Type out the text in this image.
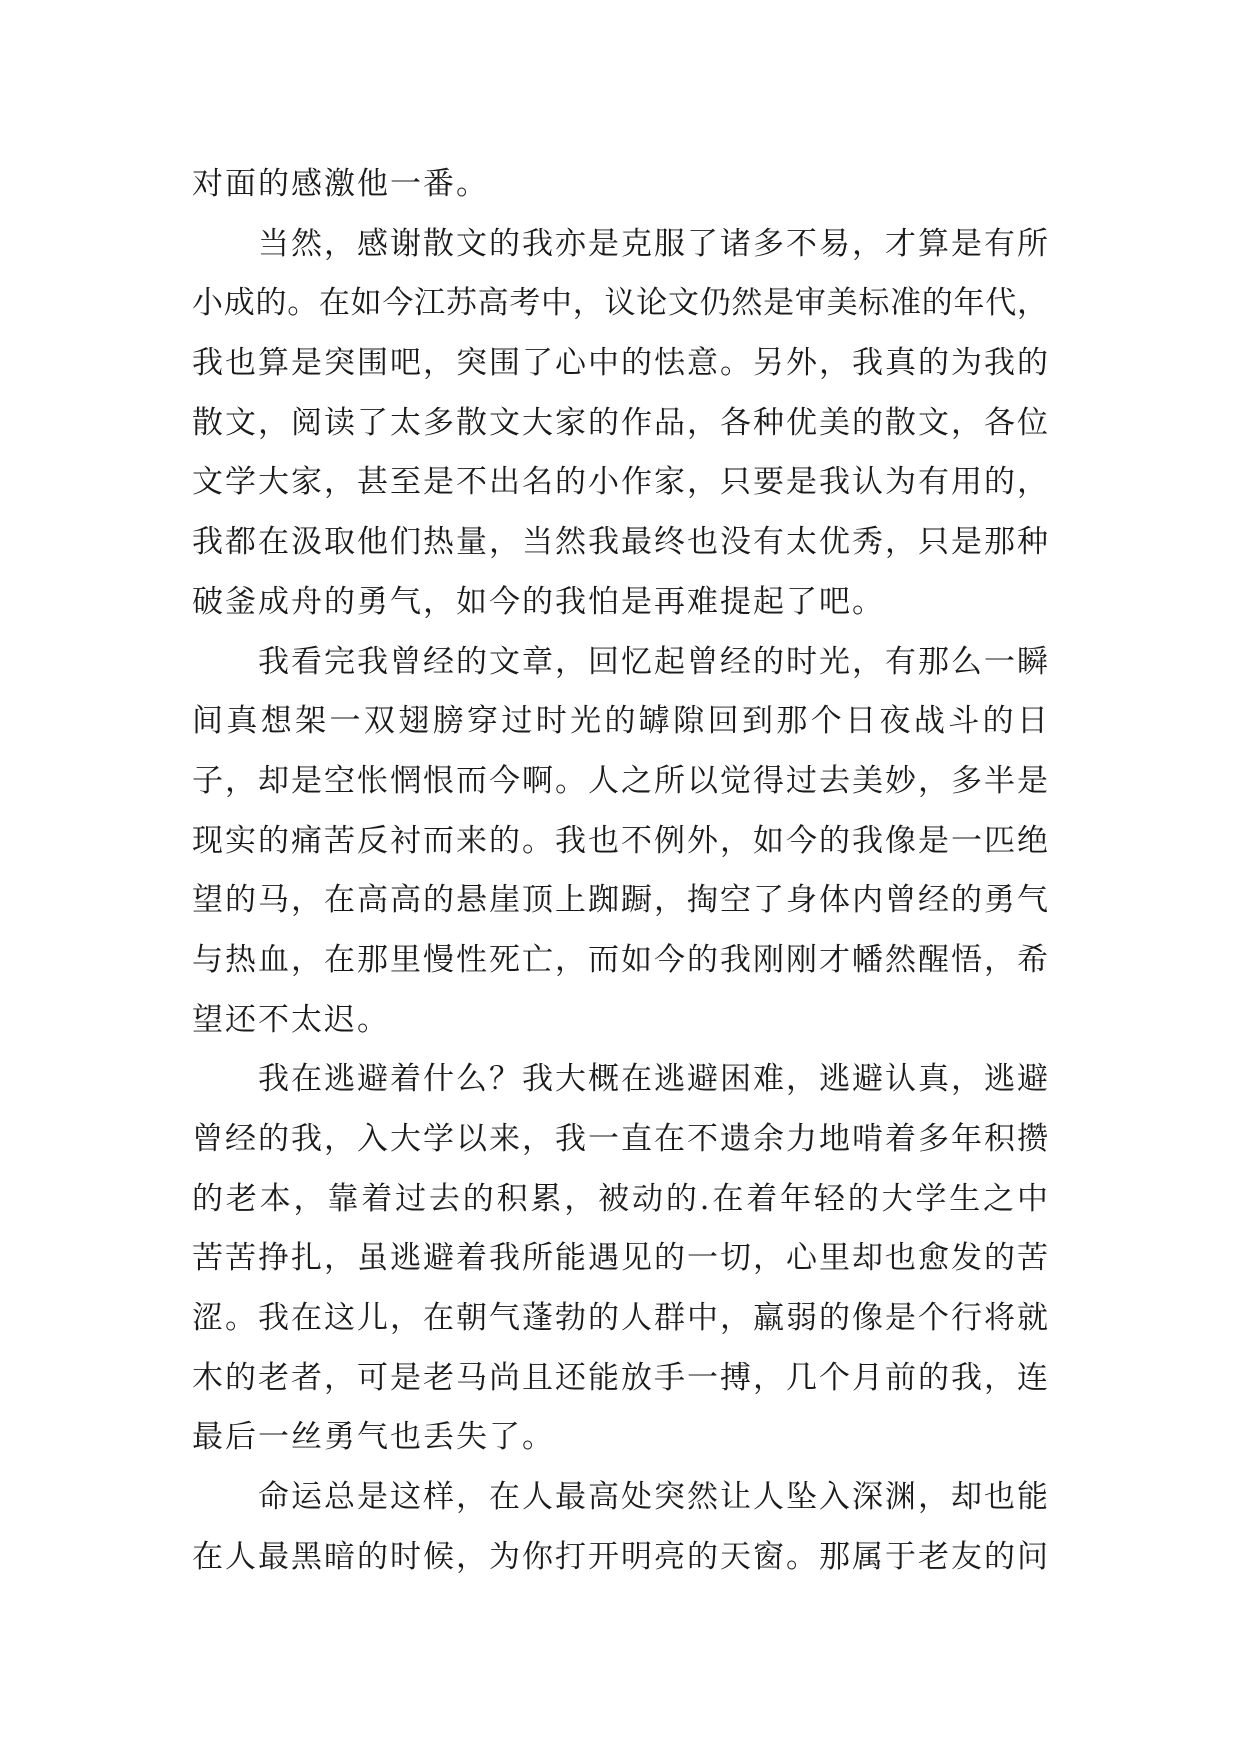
对面的感激他一番。
当然，感谢散文的我亦是克服了诸多不易，才算是有所
小成的。在如今江苏高考中，议论文仍然是审美标准的年代，
我也算是突围吧，突围了心中的怯意。另外，我真的为我的
散文，阅读了太多散文大家的作品，各种优美的散文，各位
文学大家，甚至是不出名的小作家，只要是我认为有用的，
我都在汲取他们热量，当然我最终也没有太优秀，只是那种
破釜成舟的勇气，如今的我怕是再难提起了吧。
我看完我曾经的文章，回忆起曾经的时光，有那么一瞬
间真想架一双翅膀穿过时光的罅隙回到那个日夜战斗的日
子，却是空怅惘恨而今啊。人之所以觉得过去美妙，多半是
现实的痛苦反衬而来的。我也不例外，如今的我像是一匹绝
望的马，在高高的悬崖顶上踟蹰，掏空了身体内曾经的勇气
与热血，在那里慢性死亡，而如今的我刚刚才幡然醒悟，希
望还不太迟。
我在逃避着什么？我大概在逃避困难，逃避认真，逃避
曾经的我，入大学以来，我一直在不遗余力地啃着多年积攒
的老本，靠着过去的积累，被动的.在着年轻的大学生之中
苦苦挣扎，虽逃避着我所能遇见的一切，心里却也愈发的苦
涩。我在这儿，在朝气蓬勃的人群中，羸弱的像是个行将就
木的老者，可是老马尚且还能放手一搏，几个月前的我，连
最后一丝勇气也丢失了。
命运总是这样，在人最高处突然让人坠入深渊，却也能
在人最黑暗的时候，为你打开明亮的天窗。那属于老友的问
